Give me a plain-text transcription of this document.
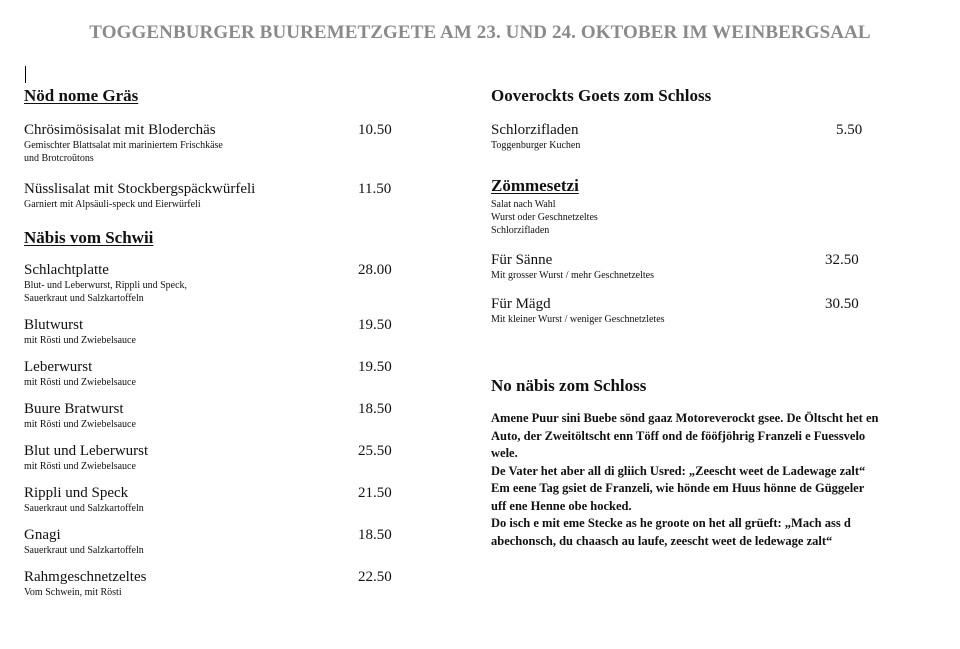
TOGGENBURGER BUUREMETZGETE AM 23. UND 24. OKTOBER IM WEINBERGSAAL
Nöd nome Gräs
Chrösimösisalat mit Bloderchäs	10.50
Gemischter Blattsalat mit mariniertem Frischkäse
und Brotcroûtons
Nüsslisalat mit Stockbergspäckwürfeli	11.50
Garniert mit Alpsäuli-speck und Eierwürfeli
Näbis vom Schwii
Schlachtplatte	28.00
Blut- und Leberwurst, Rippli und Speck,
Sauerkraut und Salzkartoffeln
Blutwurst	19.50
mit Rösti und Zwiebelsauce
Leberwurst	19.50
mit Rösti und Zwiebelsauce
Buure Bratwurst	18.50
mit Rösti und Zwiebelsauce
Blut und Leberwurst	25.50
mit Rösti und Zwiebelsauce
Rippli und Speck	21.50
Sauerkraut und Salzkartoffeln
Gnagi	18.50
Sauerkraut und Salzkartoffeln
Rahmgeschnetzeltes	22.50
Vom Schwein, mit Rösti
Ooverockts Goets zom Schloss
Schlorzifladen	5.50
Toggenburger Kuchen
Zömmesetzi
Salat nach Wahl
Wurst oder Geschnetzeltes
Schlorzifladen
Für Sänne	32.50
Mit grosser Wurst / mehr Geschnetzeltes
Für Mägd	30.50
Mit kleiner Wurst / weniger Geschnetzletes
No näbis zom Schloss
Amene Puur sini Buebe sönd gaaz Motoreverockt gsee. De Öltscht het en
Auto, der Zweitöltscht enn Töff ond de fööfjöhrig Franzeli e Fuessvelo
wele.
De Vater het aber all di gliich Usred: „Zeescht weet de Ladewage zalt“
Em eene Tag gsiet de Franzeli, wie hönde em Huus hönne de Güggeler
uff ene Henne obe hocked.
Do isch e mit eme Stecke as he groote on het all grüeft: „Mach ass d
abechonsch, du chaasch au laufe, zeescht weet de ledewage zalt“
